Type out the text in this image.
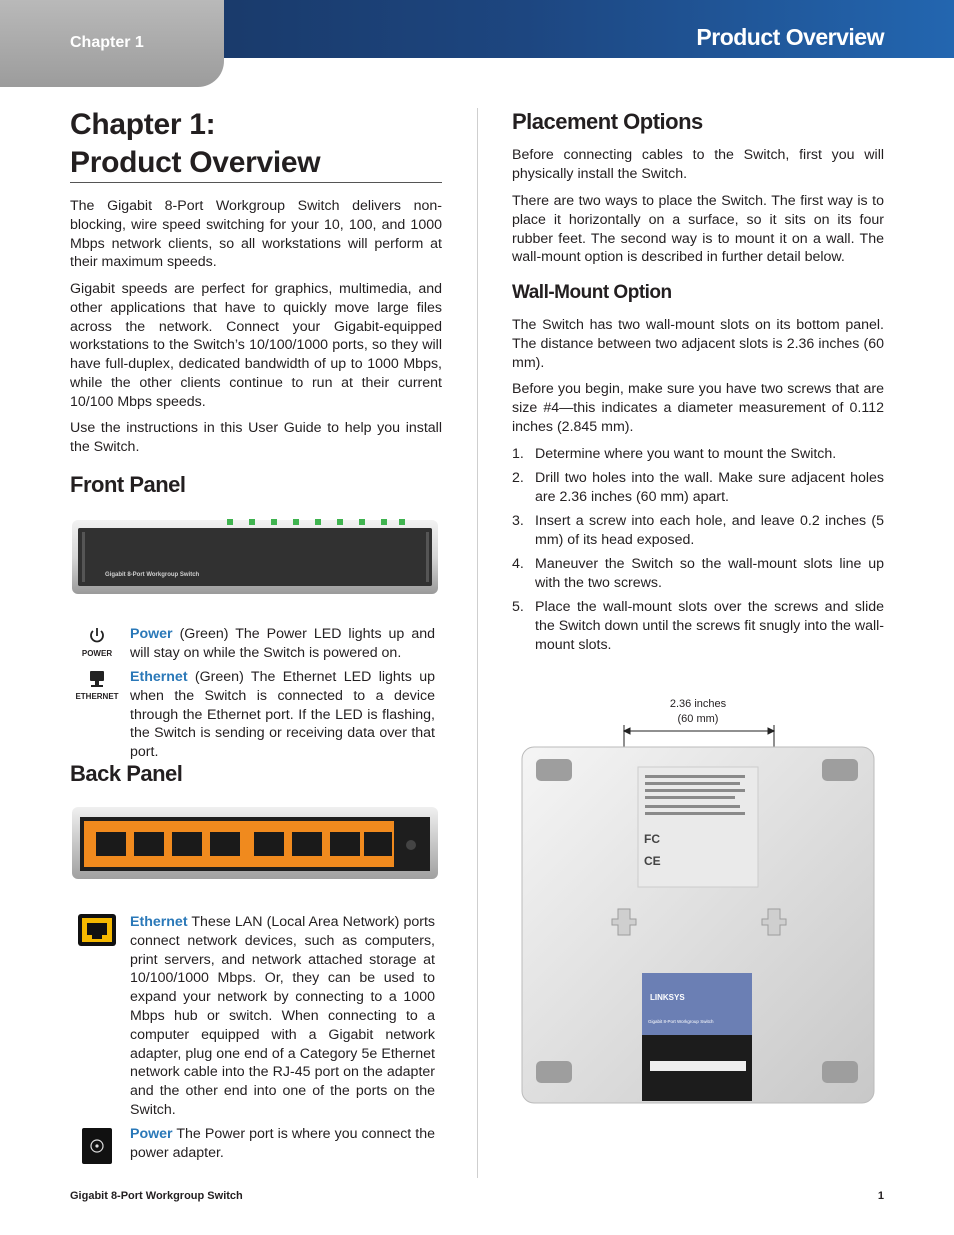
Chapter 1	Product Overview
Chapter 1:
Product Overview

The Gigabit 8-Port Workgroup Switch delivers non-blocking, wire speed switching for your 10, 100, and 1000 Mbps network clients, so all workstations will perform at their maximum speeds.

Gigabit speeds are perfect for graphics, multimedia, and other applications that have to quickly move large files across the network. Connect your Gigabit-equipped workstations to the Switch’s 10/100/1000 ports, so they will have full-duplex, dedicated bandwidth of up to 1000 Mbps, while the other clients continue to run at their current 10/100 Mbps speeds.

Use the instructions in this User Guide to help you install the Switch.

Front Panel
Gigabit 8-Port Workgroup Switch
POWER

Power (Green) The Power LED lights up and will stay on while the Switch is powered on.

ETHERNET

Ethernet (Green) The Ethernet LED lights up when the Switch is connected to a device through the Ethernet port. If the LED is flashing, the Switch is sending or receiving data over that port.

Back Panel

Ethernet These LAN (Local Area Network) ports connect network devices, such as computers, print servers, and network attached storage at 10/100/1000 Mbps. Or, they can be used to expand your network by connecting to a 1000 Mbps hub or switch. When connecting to a computer equipped with a Gigabit network adapter, plug one end of a Category 5e Ethernet network cable into the RJ-45 port on the adapter and the other end into one of the ports on the Switch.

Power The Power port is where you connect the power adapter.

Placement Options

Before connecting cables to the Switch, first you will physically install the Switch.

There are two ways to place the Switch. The first way is to place it horizontally on a surface, so it sits on its four rubber feet. The second way is to mount it on a wall. The wall-mount option is described in further detail below.

Wall-Mount Option

The Switch has two wall-mount slots on its bottom panel. The distance between two adjacent slots is 2.36 inches (60 mm).

Before you begin, make sure you have two screws that are size #4—this indicates a diameter measurement of 0.112 inches (2.845 mm).

1. Determine where you want to mount the Switch.
2. Drill two holes into the wall. Make sure adjacent holes are 2.36 inches (60 mm) apart.
3. Insert a screw into each hole, and leave 0.2 inches (5 mm) of its head exposed.
4. Maneuver the Switch so the wall-mount slots line up with the two screws.
5. Place the wall-mount slots over the screws and slide the Switch down until the screws fit snugly into the wall-mount slots.
2.36 inches
(60 mm)
FC
CE
LINKSYS
Gigabit 8-Port Workgroup Switch
Gigabit 8-Port Workgroup Switch	1
